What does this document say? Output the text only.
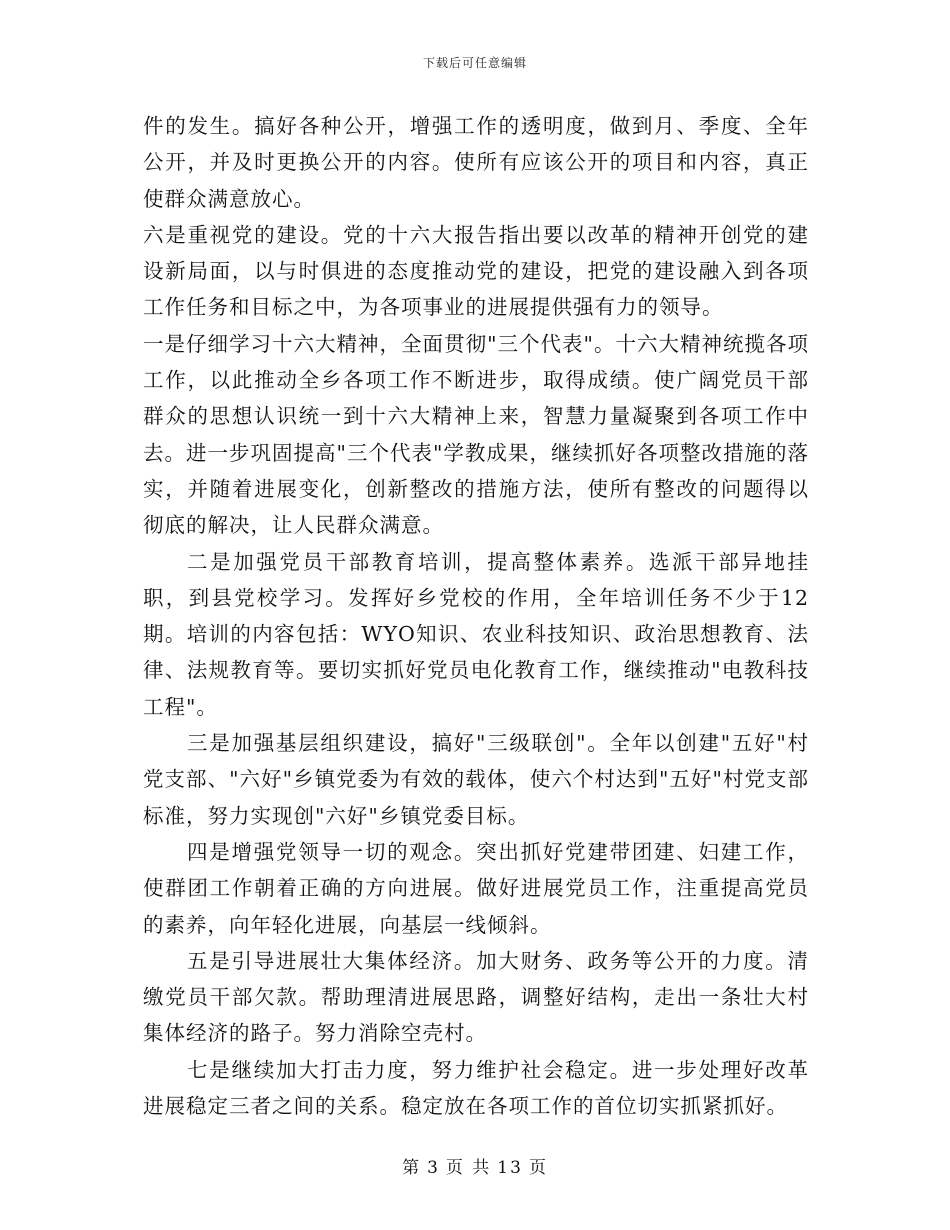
下载后可任意编辑

件的发生。搞好各种公开，增强工作的透明度，做到月、季度、全年公开，并及时更换公开的内容。使所有应该公开的项目和内容，真正使群众满意放心。

六是重视党的建设。党的十六大报告指出要以改革的精神开创党的建设新局面，以与时俱进的态度推动党的建设，把党的建设融入到各项工作任务和目标之中，为各项事业的进展提供强有力的领导。

一是仔细学习十六大精神，全面贯彻"三个代表"。十六大精神统揽各项工作，以此推动全乡各项工作不断进步，取得成绩。使广阔党员干部群众的思想认识统一到十六大精神上来，智慧力量凝聚到各项工作中去。进一步巩固提高"三个代表"学教成果，继续抓好各项整改措施的落实，并随着进展变化，创新整改的措施方法，使所有整改的问题得以彻底的解决，让人民群众满意。

二是加强党员干部教育培训，提高整体素养。选派干部异地挂职，到县党校学习。发挥好乡党校的作用，全年培训任务不少于12期。培训的内容包括：WYO知识、农业科技知识、政治思想教育、法律、法规教育等。要切实抓好党员电化教育工作，继续推动"电教科技工程"。

三是加强基层组织建设，搞好"三级联创"。全年以创建"五好"村党支部、"六好"乡镇党委为有效的载体，使六个村达到"五好"村党支部标准，努力实现创"六好"乡镇党委目标。

四是增强党领导一切的观念。突出抓好党建带团建、妇建工作，使群团工作朝着正确的方向进展。做好进展党员工作，注重提高党员的素养，向年轻化进展，向基层一线倾斜。

五是引导进展壮大集体经济。加大财务、政务等公开的力度。清缴党员干部欠款。帮助理清进展思路，调整好结构，走出一条壮大村集体经济的路子。努力消除空壳村。

七是继续加大打击力度，努力维护社会稳定。进一步处理好改革进展稳定三者之间的关系。稳定放在各项工作的首位切实抓紧抓好。

第 3 页 共 13 页
